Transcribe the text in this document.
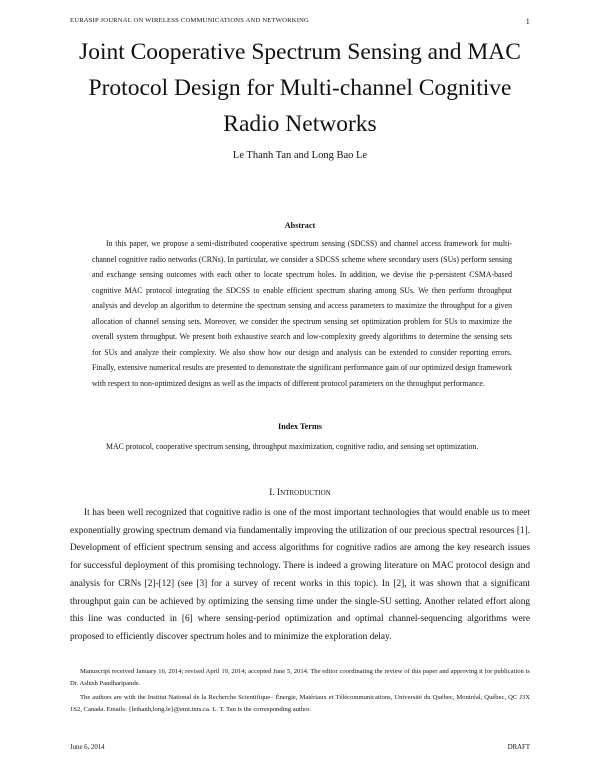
EURASIP JOURNAL ON WIRELESS COMMUNICATIONS AND NETWORKING	1
Joint Cooperative Spectrum Sensing and MAC Protocol Design for Multi-channel Cognitive Radio Networks
Le Thanh Tan and Long Bao Le
Abstract

In this paper, we propose a semi-distributed cooperative spectrum sensing (SDCSS) and channel access framework for multi-channel cognitive radio networks (CRNs). In particular, we consider a SDCSS scheme where secondary users (SUs) perform sensing and exchange sensing outcomes with each other to locate spectrum holes. In addition, we devise the p-persistent CSMA-based cognitive MAC protocol integrating the SDCSS to enable efficient spectrum sharing among SUs. We then perform throughput analysis and develop an algorithm to determine the spectrum sensing and access parameters to maximize the throughput for a given allocation of channel sensing sets. Moreover, we consider the spectrum sensing set optimization problem for SUs to maximize the overall system throughput. We present both exhaustive search and low-complexity greedy algorithms to determine the sensing sets for SUs and analyze their complexity. We also show how our design and analysis can be extended to consider reporting errors. Finally, extensive numerical results are presented to demonstrate the significant performance gain of our optimized design framework with respect to non-optimized designs as well as the impacts of different protocol parameters on the throughput performance.

Index Terms

MAC protocol, cooperative spectrum sensing, throughput maximization, cognitive radio, and sensing set optimization.

I. Introduction

It has been well recognized that cognitive radio is one of the most important technologies that would enable us to meet exponentially growing spectrum demand via fundamentally improving the utilization of our precious spectral resources [1]. Development of efficient spectrum sensing and access algorithms for cognitive radios are among the key research issues for successful deployment of this promising technology. There is indeed a growing literature on MAC protocol design and analysis for CRNs [2]-[12] (see [3] for a survey of recent works in this topic). In [2], it was shown that a significant throughput gain can be achieved by optimizing the sensing time under the single-SU setting. Another related effort along this line was conducted in [6] where sensing-period optimization and optimal channel-sequencing algorithms were proposed to efficiently discover spectrum holes and to minimize the exploration delay.

Manuscript received January 16, 2014; revised April 19, 2014; accepted June 5, 2014. The editor coordinating the review of this paper and approving it for publication is Dr. Ashish Pandharipande.

The authors are with the Institut National de la Recherche Scientifique– Énergie, Matériaux et Télécommunications, Université du Québec, Montréal, Québec, QC J3X 1S2, Canada. Emails: {lethanh,long.le}@emt.inrs.ca. L. T. Tan is the corresponding author.

June 6, 2014	DRAFT
